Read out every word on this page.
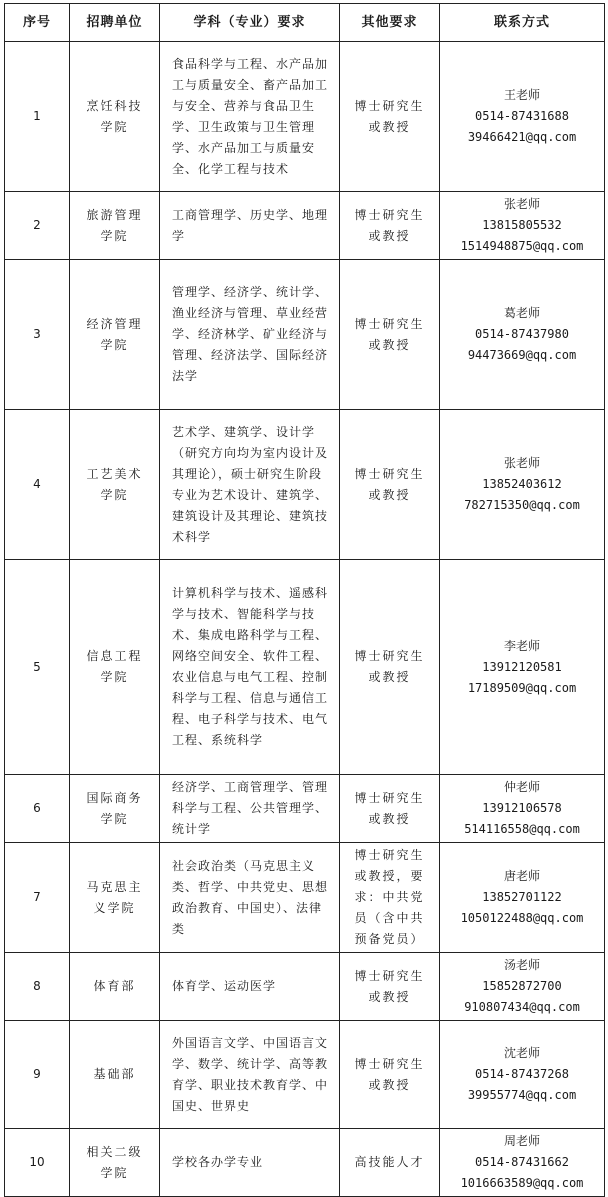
序号	招聘单位	学科（专业）要求	其他要求	联系方式
1	烹饪科技学院	食品科学与工程、水产品加工与质量安全、畜产品加工与安全、营养与食品卫生学、卫生政策与卫生管理学、水产品加工与质量安全、化学工程与技术	博士研究生或教授	王老师
0514-87431688
39466421@qq.com

2	旅游管理学院	工商管理学、历史学、地理学	博士研究生或教授	张老师
13815805532
1514948875@qq.com

3	经济管理学院	管理学、经济学、统计学、渔业经济与管理、草业经营学、经济林学、矿业经济与管理、经济法学、国际经济法学	博士研究生或教授	葛老师
0514-87437980
94473669@qq.com

4	工艺美术学院	艺术学、建筑学、设计学（研究方向均为室内设计及其理论），硕士研究生阶段专业为艺术设计、建筑学、建筑设计及其理论、建筑技术科学	博士研究生或教授	张老师
13852403612
782715350@qq.com

5	信息工程学院	计算机科学与技术、遥感科学与技术、智能科学与技术、集成电路科学与工程、网络空间安全、软件工程、农业信息与电气工程、控制科学与工程、信息与通信工程、电子科学与技术、电气工程、系统科学	博士研究生或教授	李老师
13912120581
17189509@qq.com

6	国际商务学院	经济学、工商管理学、管理科学与工程、公共管理学、统计学	博士研究生或教授	仲老师
13912106578
514116558@qq.com

7	马克思主义学院	社会政治类（马克思主义类、哲学、中共党史、思想政治教育、中国史）、法律类	博士研究生或教授，要求：中共党员（含中共预备党员）	唐老师
13852701122
1050122488@qq.com

8	体育部	体育学、运动医学	博士研究生或教授	汤老师
15852872700
910807434@qq.com

9	基础部	外国语言文学、中国语言文学、数学、统计学、高等教育学、职业技术教育学、中国史、世界史	博士研究生或教授	沈老师
0514-87437268
39955774@qq.com

10	相关二级学院	学校各办学专业	高技能人才	周老师
0514-87431662
1016663589@qq.com
